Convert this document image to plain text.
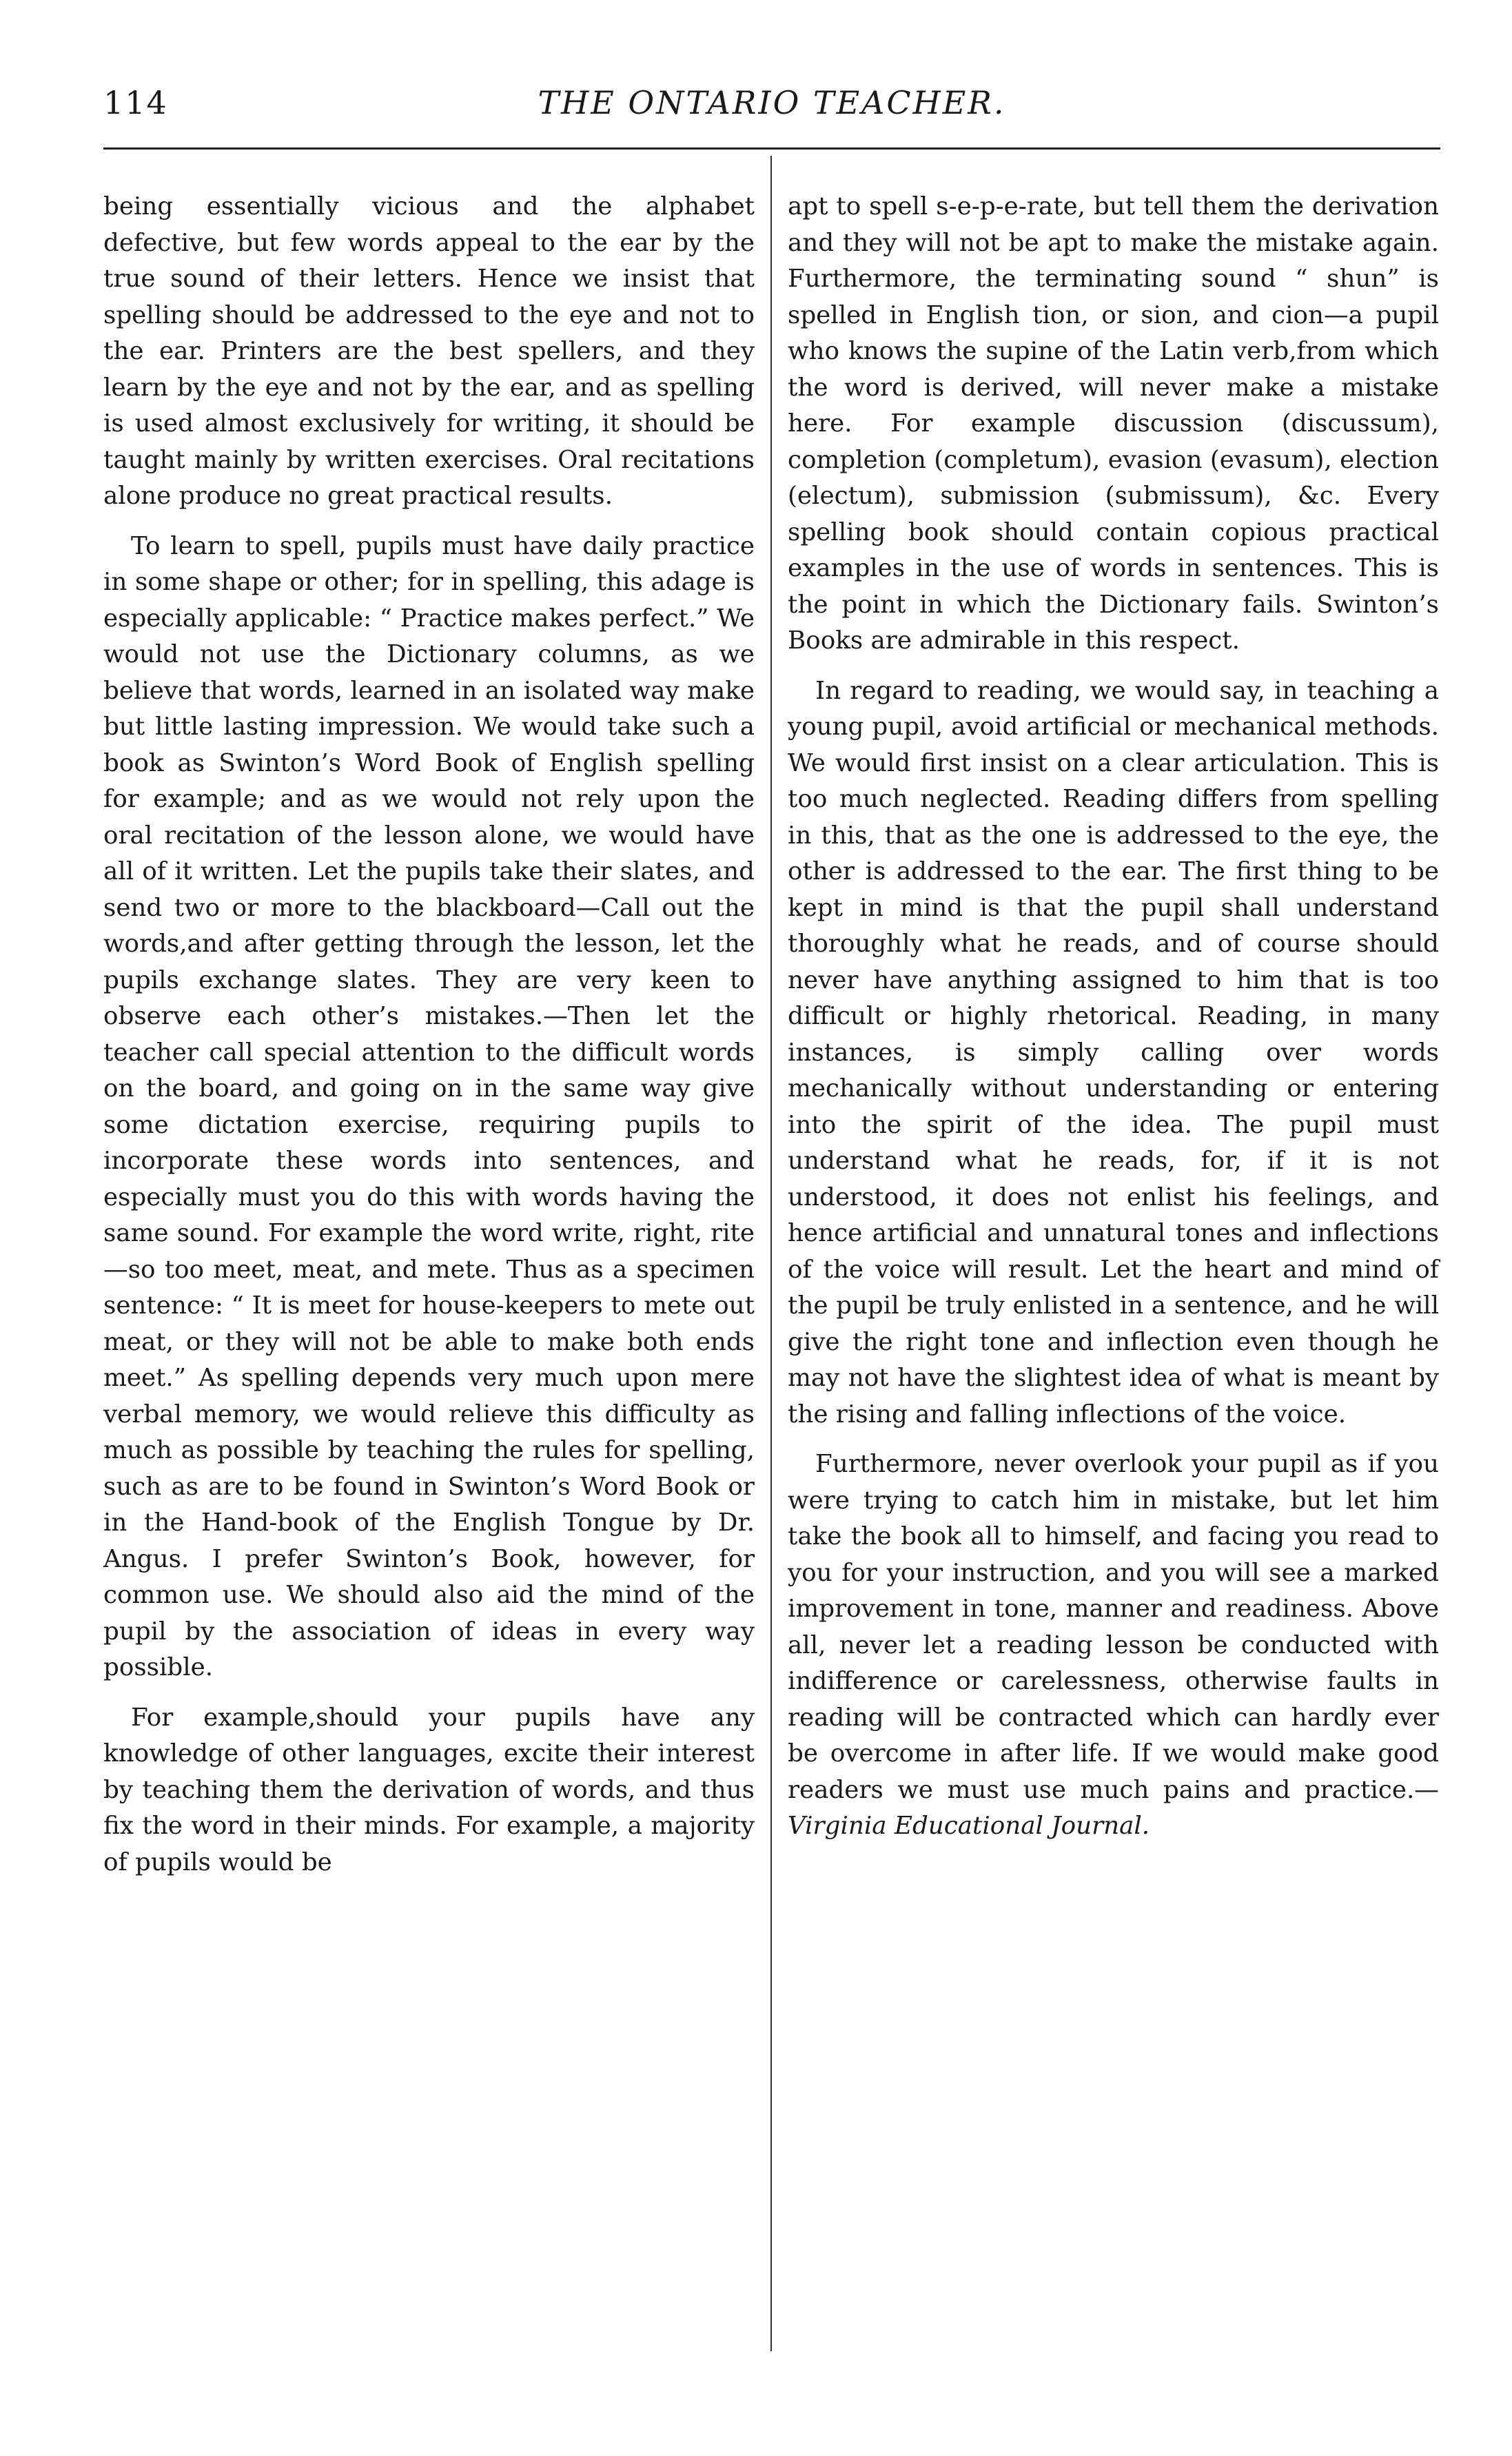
114	THE ONTARIO TEACHER.

being essentially vicious and the alphabet defective, but few words appeal to the ear by the true sound of their letters. Hence we insist that spelling should be addressed to the eye and not to the ear. Printers are the best spellers, and they learn by the eye and not by the ear, and as spelling is used almost exclusively for writing, it should be taught mainly by written exercises. Oral recitations alone produce no great practical results.

To learn to spell, pupils must have daily practice in some shape or other; for in spelling, this adage is especially applicable: “ Practice makes perfect.” We would not use the Dictionary columns, as we believe that words, learned in an isolated way make but little lasting impression. We would take such a book as Swinton’s Word Book of English spelling for example; and as we would not rely upon the oral recitation of the lesson alone, we would have all of it written. Let the pupils take their slates, and send two or more to the blackboard—Call out the words,and after getting through the lesson, let the pupils exchange slates. They are very keen to observe each other’s mistakes.—Then let the teacher call special attention to the difficult words on the board, and going on in the same way give some dictation exercise, requiring pupils to incorporate these words into sentences, and especially must you do this with words having the same sound. For example the word write, right, rite—so too meet, meat, and mete. Thus as a specimen sentence: “ It is meet for house-keepers to mete out meat, or they will not be able to make both ends meet.” As spelling depends very much upon mere verbal memory, we would relieve this difficulty as much as possible by teaching the rules for spelling, such as are to be found in Swinton’s Word Book or in the Hand-book of the English Tongue by Dr. Angus. I prefer Swinton’s Book, however, for common use. We should also aid the mind of the pupil by the association of ideas in every way possible.

For example,should your pupils have any knowledge of other languages, excite their interest by teaching them the derivation of words, and thus fix the word in their minds. For example, a majority of pupils would be

apt to spell s-e-p-e-rate, but tell them the derivation and they will not be apt to make the mistake again. Furthermore, the terminating sound “ shun” is spelled in English tion, or sion, and cion—a pupil who knows the supine of the Latin verb,from which the word is derived, will never make a mistake here. For example discussion (discussum), completion (completum), evasion (evasum), election (electum), submission (submissum), &c. Every spelling book should contain copious practical examples in the use of words in sentences. This is the point in which the Dictionary fails. Swinton’s Books are admirable in this respect.

In regard to reading, we would say, in teaching a young pupil, avoid artificial or mechanical methods. We would first insist on a clear articulation. This is too much neglected. Reading differs from spelling in this, that as the one is addressed to the eye, the other is addressed to the ear. The first thing to be kept in mind is that the pupil shall understand thoroughly what he reads, and of course should never have anything assigned to him that is too difficult or highly rhetorical. Reading, in many instances, is simply calling over words mechanically without understanding or entering into the spirit of the idea. The pupil must understand what he reads, for, if it is not understood, it does not enlist his feelings, and hence artificial and unnatural tones and inflections of the voice will result. Let the heart and mind of the pupil be truly enlisted in a sentence, and he will give the right tone and inflection even though he may not have the slightest idea of what is meant by the rising and falling inflections of the voice.

Furthermore, never overlook your pupil as if you were trying to catch him in mistake, but let him take the book all to himself, and facing you read to you for your instruction, and you will see a marked improvement in tone, manner and readiness. Above all, never let a reading lesson be conducted with indifference or carelessness, otherwise faults in reading will be contracted which can hardly ever be overcome in after life. If we would make good readers we must use much pains and practice.—Virginia Educational Journal.
